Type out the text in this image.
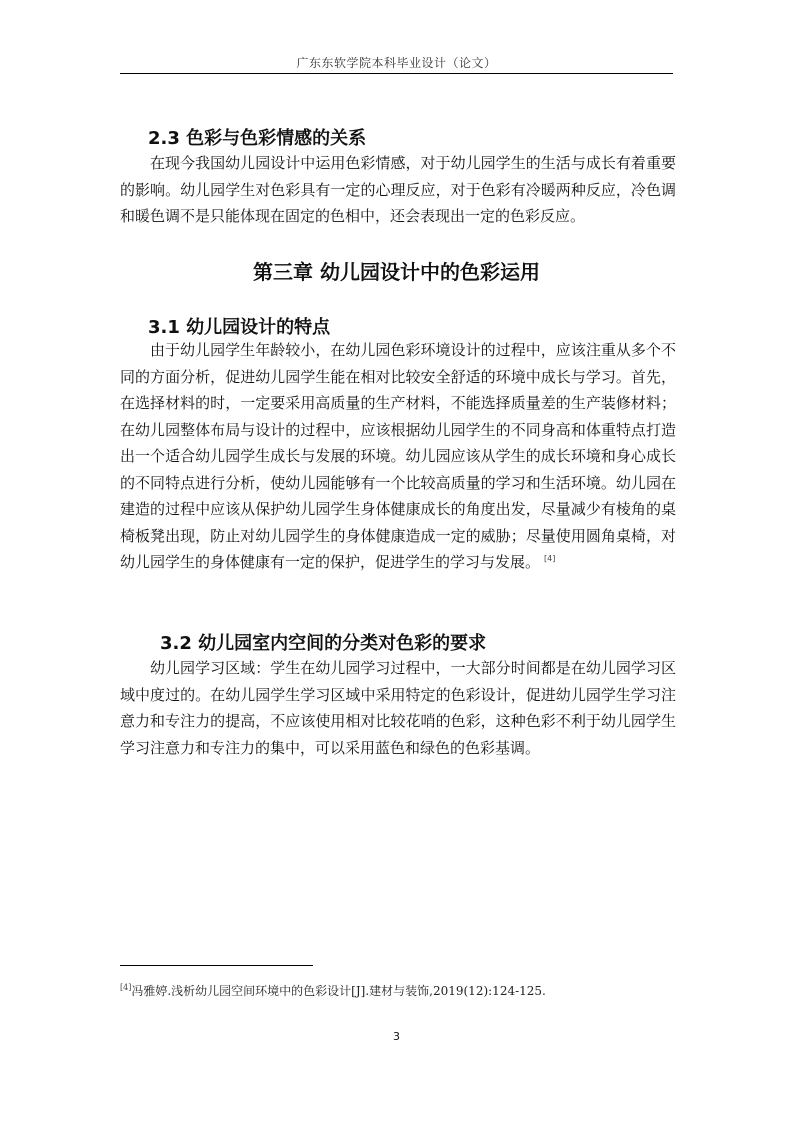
广东东软学院本科毕业设计（论文）
2.3 色彩与色彩情感的关系

在现今我国幼儿园设计中运用色彩情感，对于幼儿园学生的生活与成长有着重要的影响。幼儿园学生对色彩具有一定的心理反应，对于色彩有冷暖两种反应，冷色调和暖色调不是只能体现在固定的色相中，还会表现出一定的色彩反应。

第三章 幼儿园设计中的色彩运用
3.1 幼儿园设计的特点

由于幼儿园学生年龄较小，在幼儿园色彩环境设计的过程中，应该注重从多个不同的方面分析，促进幼儿园学生能在相对比较安全舒适的环境中成长与学习。首先，在选择材料的时，一定要采用高质量的生产材料，不能选择质量差的生产装修材料；在幼儿园整体布局与设计的过程中，应该根据幼儿园学生的不同身高和体重特点打造出一个适合幼儿园学生成长与发展的环境。幼儿园应该从学生的成长环境和身心成长的不同特点进行分析，使幼儿园能够有一个比较高质量的学习和生活环境。幼儿园在建造的过程中应该从保护幼儿园学生身体健康成长的角度出发，尽量减少有棱角的桌椅板凳出现，防止对幼儿园学生的身体健康造成一定的威胁；尽量使用圆角桌椅，对幼儿园学生的身体健康有一定的保护，促进学生的学习与发展。 [4]

3.2 幼儿园室内空间的分类对色彩的要求

幼儿园学习区域：学生在幼儿园学习过程中，一大部分时间都是在幼儿园学习区域中度过的。在幼儿园学生学习区域中采用特定的色彩设计，促进幼儿园学生学习注意力和专注力的提高，不应该使用相对比较花哨的色彩，这种色彩不利于幼儿园学生学习注意力和专注力的集中，可以采用蓝色和绿色的色彩基调。

[4]冯雅婷.浅析幼儿园空间环境中的色彩设计[J].建材与装饰,2019(12):124-125.
3
